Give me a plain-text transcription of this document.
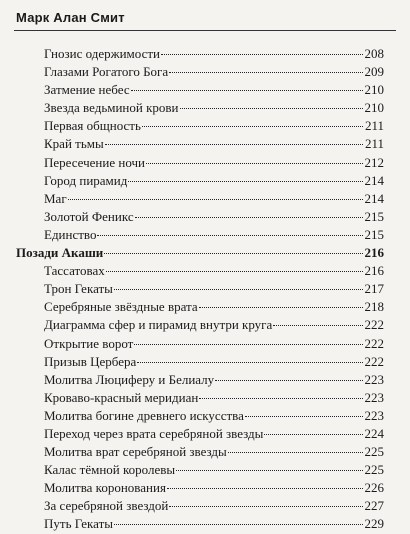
Марк Алан Смит
Гнозис одержимости	208
Глазами Рогатого Бога	209
Затмение небес	210
Звезда ведьминой крови	210
Первая общность	211
Край тьмы	211
Пересечение ночи	212
Город пирамид	214
Маг	214
Золотой Феникс	215
Единство	215
Позади Акаши	216
Тассатовах	216
Трон Гекаты	217
Серебряные звёздные врата	218
Диаграмма сфер и пирамид внутри круга	222
Открытие ворот	222
Призыв Цербера	222
Молитва Люциферу и Белиалу	223
Кроваво-красный меридиан	223
Молитва богине древнего искусства	223
Переход через врата серебряной звезды	224
Молитва врат серебряной звезды	225
Калас тёмной королевы	225
Молитва коронования	226
За серебряной звездой	227
Путь Гекаты	229
